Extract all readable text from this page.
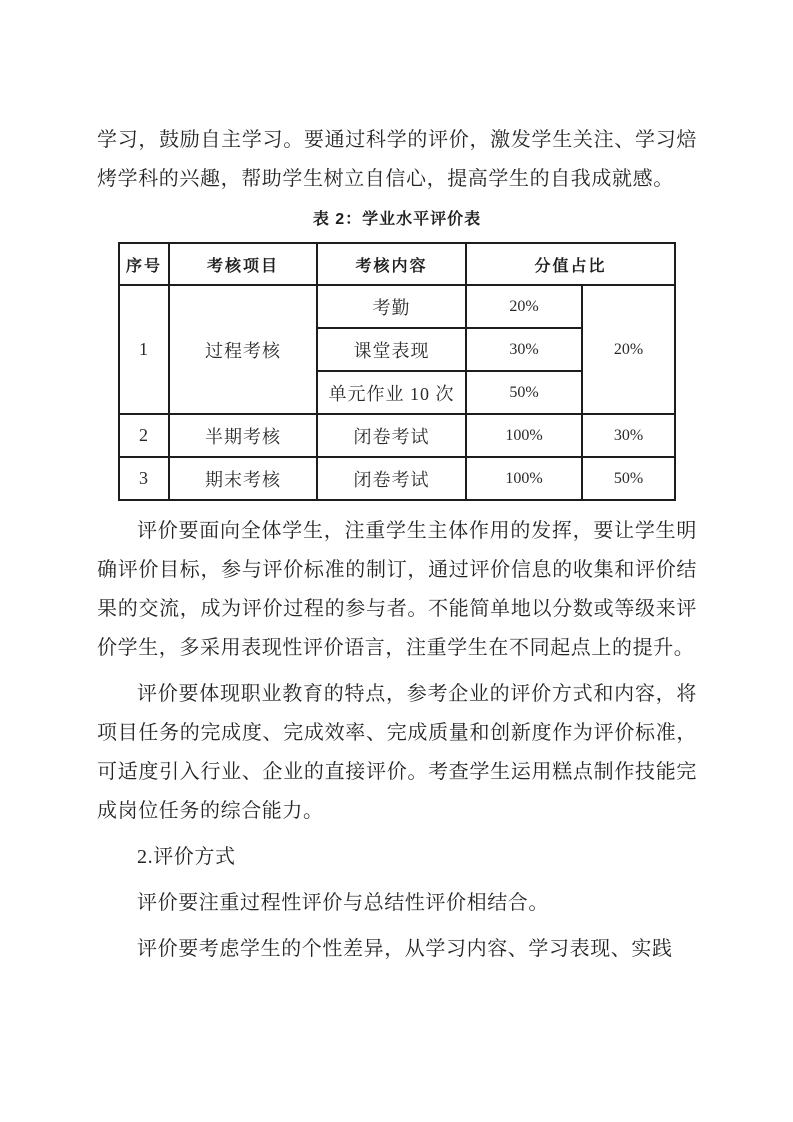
学习，鼓励自主学习。要通过科学的评价，激发学生关注、学习焙烤学科的兴趣，帮助学生树立自信心，提高学生的自我成就感。

表 2：学业水平评价表
序号	考核项目	考核内容	分值占比	
1	过程考核	考勤	20%	20%
		课堂表现	30%	
		单元作业 10 次	50%	
2	半期考核	闭卷考试	100%	30%
3	期末考核	闭卷考试	100%	50%

评价要面向全体学生，注重学生主体作用的发挥，要让学生明确评价目标，参与评价标准的制订，通过评价信息的收集和评价结果的交流，成为评价过程的参与者。不能简单地以分数或等级来评价学生，多采用表现性评价语言，注重学生在不同起点上的提升。

评价要体现职业教育的特点，参考企业的评价方式和内容，将项目任务的完成度、完成效率、完成质量和创新度作为评价标准，可适度引入行业、企业的直接评价。考查学生运用糕点制作技能完成岗位任务的综合能力。

2.评价方式

评价要注重过程性评价与总结性评价相结合。

评价要考虑学生的个性差异，从学习内容、学习表现、实践
